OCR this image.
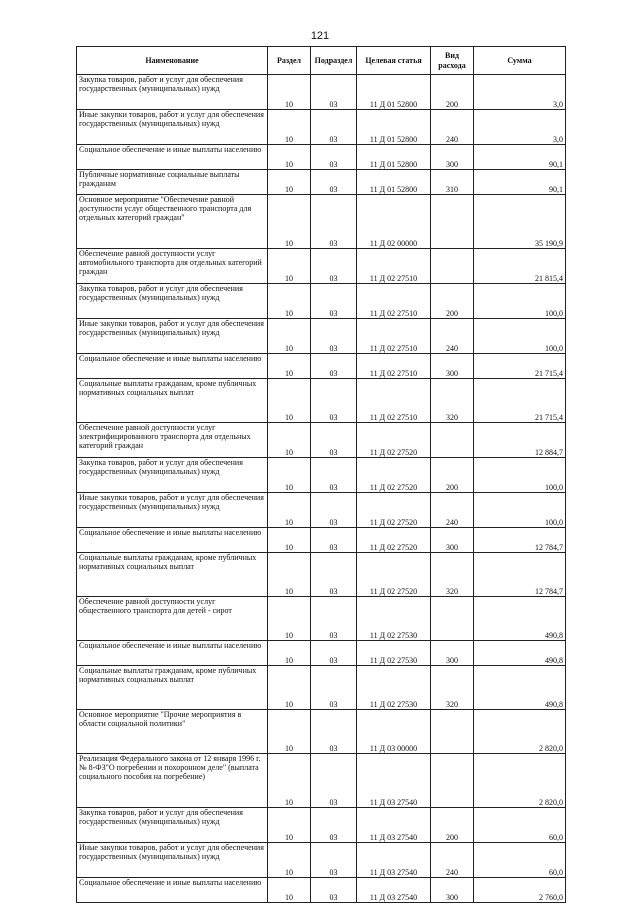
121
Наименование	Раздел	Подраздел	Целевая статья	Вид расхода	Сумма
Закупка товаров, работ и услуг для обеспечения государственных (муниципальных) нужд	10	03	11 Д 01 52800	200	3,0
Иные закупки товаров, работ и услуг для обеспечения государственных (муниципальных) нужд	10	03	11 Д 01 52800	240	3,0
Социальное обеспечение и иные выплаты населению	10	03	11 Д 01 52800	300	90,1
Публичные нормативные социальные выплаты гражданам	10	03	11 Д 01 52800	310	90,1
Основное мероприятие "Обеспечение равной доступности услуг общественного транспорта для отдельных категорий граждан"	10	03	11 Д 02 00000		35 190,9
Обеспечение равной доступности услуг автомобильного транспорта для отдельных категорий граждан	10	03	11 Д 02 27510		21 815,4
Закупка товаров, работ и услуг для обеспечения государственных (муниципальных) нужд	10	03	11 Д 02 27510	200	100,0
Иные закупки товаров, работ и услуг для обеспечения государственных (муниципальных) нужд	10	03	11 Д 02 27510	240	100,0
Социальное обеспечение и иные выплаты населению	10	03	11 Д 02 27510	300	21 715,4
Социальные выплаты гражданам, кроме публичных нормативных социальных выплат	10	03	11 Д 02 27510	320	21 715,4
Обеспечение равной доступности услуг электрифицированного транспорта для отдельных категорий граждан	10	03	11 Д 02 27520		12 884,7
Закупка товаров, работ и услуг для обеспечения государственных (муниципальных) нужд	10	03	11 Д 02 27520	200	100,0
Иные закупки товаров, работ и услуг для обеспечения государственных (муниципальных) нужд	10	03	11 Д 02 27520	240	100,0
Социальное обеспечение и иные выплаты населению	10	03	11 Д 02 27520	300	12 784,7
Социальные выплаты гражданам, кроме публичных нормативных социальных выплат	10	03	11 Д 02 27520	320	12 784,7
Обеспечение равной доступности услуг общественного транспорта для детей - сирот	10	03	11 Д 02 27530		490,8
Социальное обеспечение и иные выплаты населению	10	03	11 Д 02 27530	300	490,8
Социальные выплаты гражданам, кроме публичных нормативных социальных выплат	10	03	11 Д 02 27530	320	490,8
Основное мероприятие "Прочие мероприятия в области социальной политики"	10	03	11 Д 03 00000		2 820,0
Реализация Федерального закона от 12 января 1996 г. № 8-ФЗ"О погребении и похоронном деле" (выплата социального пособия на погребение)	10	03	11 Д 03 27540		2 820,0
Закупка товаров, работ и услуг для обеспечения государственных (муниципальных) нужд	10	03	11 Д 03 27540	200	60,0
Иные закупки товаров, работ и услуг для обеспечения государственных (муниципальных) нужд	10	03	11 Д 03 27540	240	60,0
Социальное обеспечение и иные выплаты населению	10	03	11 Д 03 27540	300	2 760,0
